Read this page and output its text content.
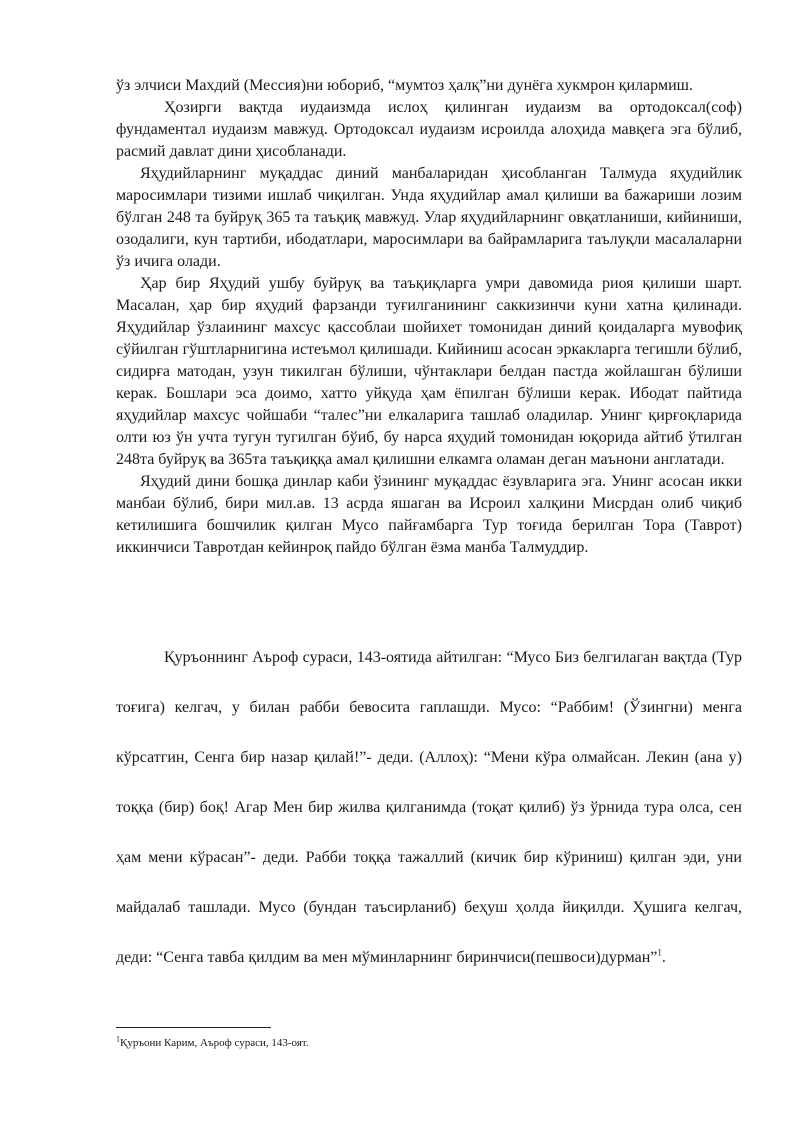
ўз элчиси Махдий (Мессия)ни юбориб, “мумтоз ҳалқ”ни дунёга хукмрон қилармиш.

Ҳозирги вақтда иудаизмда ислоҳ қилинган иудаизм ва ортодоксал(соф) фундаментал иудаизм мавжуд. Ортодоксал иудаизм исроилда алоҳида мавқега эга бўлиб, расмий давлат дини ҳисобланади.

Яҳудийларнинг муқаддас диний манбаларидан ҳисобланган Талмуда яҳудийлик маросимлари тизими ишлаб чиқилган. Унда яҳудийлар амал қилиши ва бажариши лозим бўлган 248 та буйруқ 365 та таъқиқ мавжуд. Улар яҳудийларнинг овқатланиши, кийиниши, озодалиги, кун тартиби, ибодатлари, маросимлари ва байрамларига таълуқли масалаларни ўз ичига олади.

Ҳар бир Яҳудий ушбу буйруқ ва таъқиқларга умри давомида риоя қилиши шарт. Масалан, ҳар бир яҳудий фарзанди туғилганининг саккизинчи куни хатна қилинади. Яҳудийлар ўзлаининг махсус қассоблаи шойихет томонидан диний қоидаларга мувофиқ сўйилган гўштларнигина истеъмол қилишади. Кийиниш асосан эркакларга тегишли бўлиб, сидирға матодан, узун тикилган бўлиши, чўнтаклари белдан пастда жойлашган бўлиши керак. Бошлари эса доимо, хатто уйқуда ҳам ёпилган бўлиши керак. Ибодат пайтида яҳудийлар махсус чойшаби “талес”ни елкаларига ташлаб оладилар. Унинг қирғоқларида олти юз ўн учта тугун тугилган бўиб, бу нарса яҳудий томонидан юқорида айтиб ўтилган 248та буйруқ ва 365та таъқиққа амал қилишни елкамга оламан деган маънони англатади.

Яҳудий дини бошқа динлар каби ўзининг муқаддас ёзувларига эга. Унинг асосан икки манбаи бўлиб, бири мил.ав. 13 асрда яшаган ва Исроил халқини Мисрдан олиб чиқиб кетилишига бошчилик қилган Мусо пайғамбарга Тур тоғида берилган Тора (Таврот) иккинчиси Тавротдан кейинроқ пайдо бўлган ёзма манба Талмуддир.

Қуръоннинг Аъроф сураси, 143-оятида айтилган: “Мусо Биз белгилаган вақтда (Тур тоғига) келгач, у билан рабби бевосита гаплашди. Мусо: “Раббим! (Ўзингни) менга кўрсатгин, Сенга бир назар қилай!”- деди. (Аллоҳ): “Мени кўра олмайсан. Лекин (ана у) тоққа (бир) боқ! Агар Мен бир жилва қилганимда (тоқат қилиб) ўз ўрнида тура олса, сен ҳам мени кўрасан”- деди. Рабби тоққа тажаллий (кичик бир кўриниш) қилган эди, уни майдалаб ташлади. Мусо (бундан таъсирланиб) беҳуш ҳолда йиқилди. Ҳушига келгач, деди: “Сенга тавба қилдим ва мен мўминларнинг биринчиси(пешвоси)дурман”$^1$.

$^1$Қуръони Карим, Аъроф сураси, 143-оят.
